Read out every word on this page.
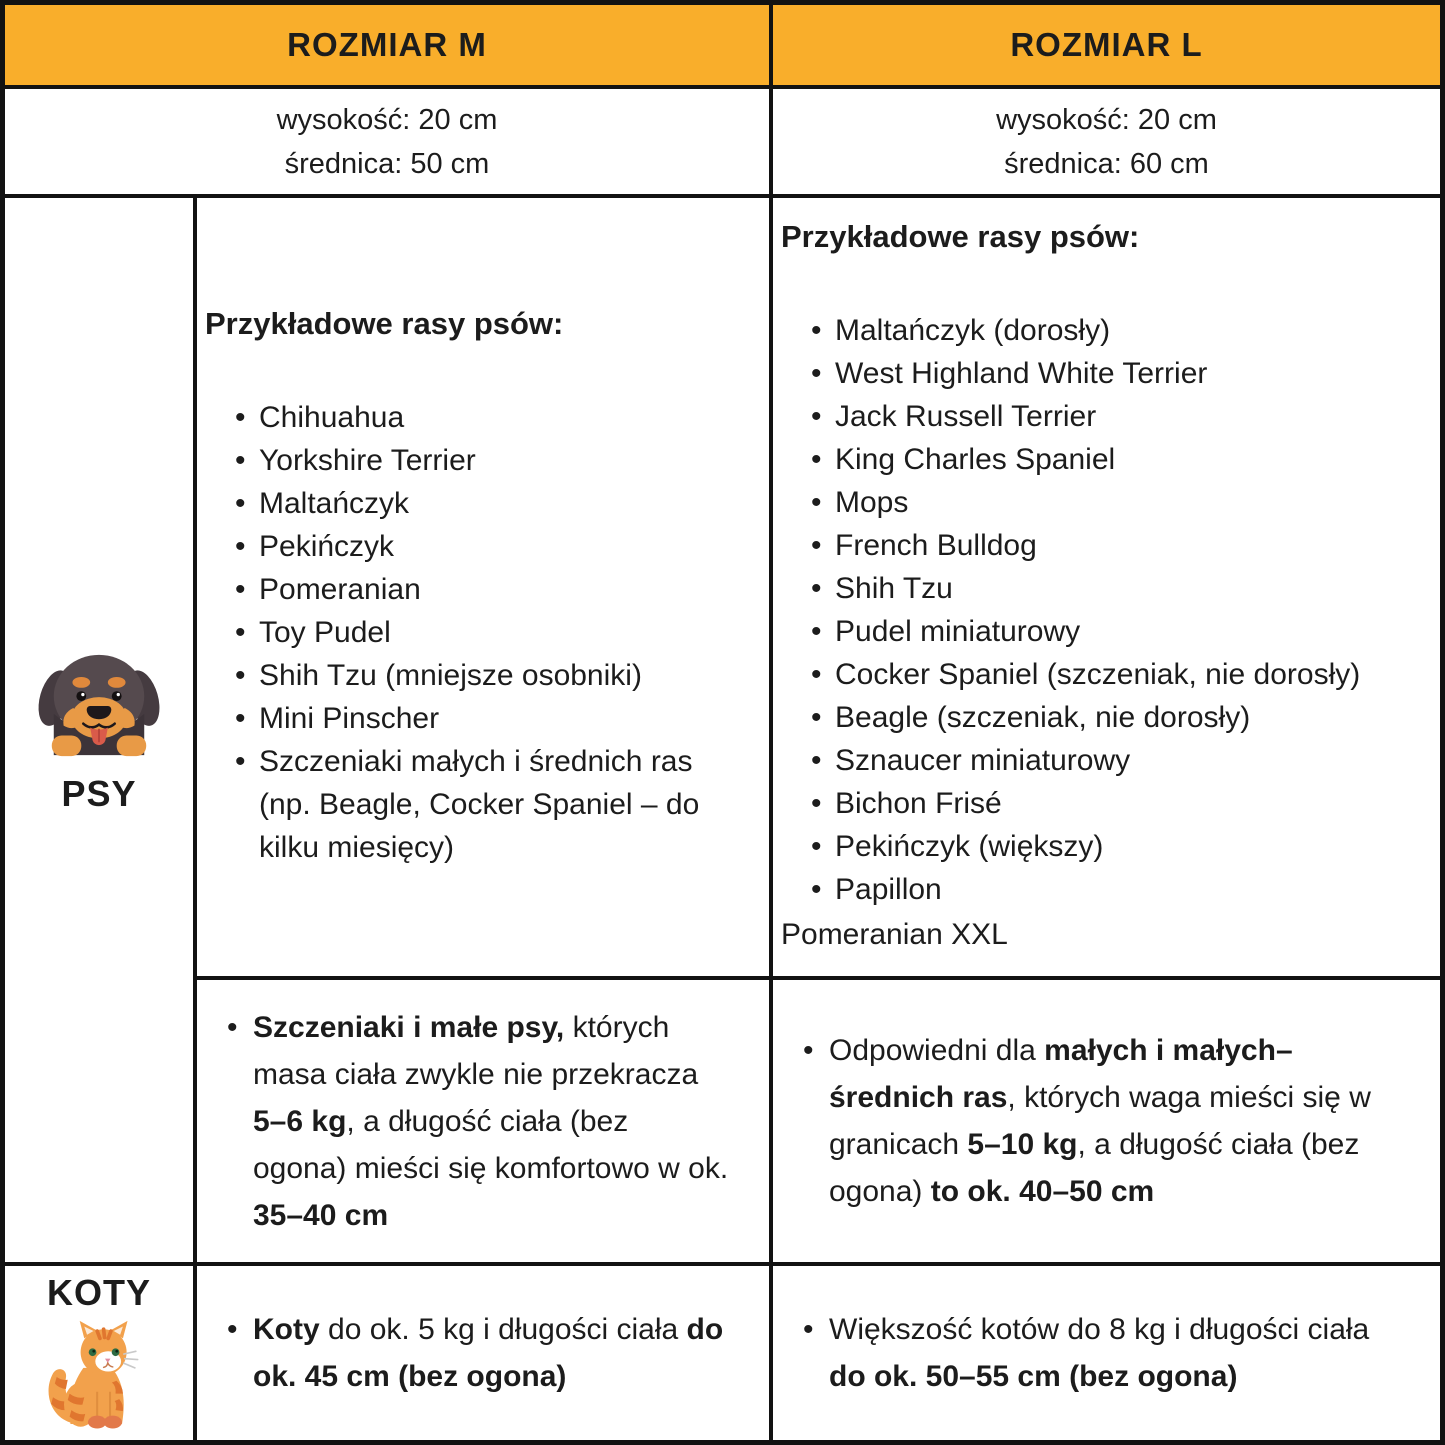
ROZMIAR M	ROZMIAR L
wysokość: 20 cm
średnica: 50 cm
wysokość: 20 cm
średnica: 60 cm
PSY
Przykładowe rasy psów:
• Chihuahua
• Yorkshire Terrier
• Maltańczyk
• Pekińczyk
• Pomeranian
• Toy Pudel
• Shih Tzu (mniejsze osobniki)
• Mini Pinscher
• Szczeniaki małych i średnich ras (np. Beagle, Cocker Spaniel – do kilku miesięcy)
Przykładowe rasy psów:
• Maltańczyk (dorosły)
• West Highland White Terrier
• Jack Russell Terrier
• King Charles Spaniel
• Mops
• French Bulldog
• Shih Tzu
• Pudel miniaturowy
• Cocker Spaniel (szczeniak, nie dorosły)
• Beagle (szczeniak, nie dorosły)
• Sznaucer miniaturowy
• Bichon Frisé
• Pekińczyk (większy)
• Papillon
Pomeranian XXL
• Szczeniaki i małe psy, których masa ciała zwykle nie przekracza 5–6 kg, a długość ciała (bez ogona) mieści się komfortowo w ok. 35–40 cm
• Odpowiedni dla małych i małych–średnich ras, których waga mieści się w granicach 5–10 kg, a długość ciała (bez ogona) to ok. 40–50 cm
KOTY
• Koty do ok. 5 kg i długości ciała do ok. 45 cm (bez ogona)
• Większość kotów do 8 kg i długości ciała do ok. 50–55 cm (bez ogona)
